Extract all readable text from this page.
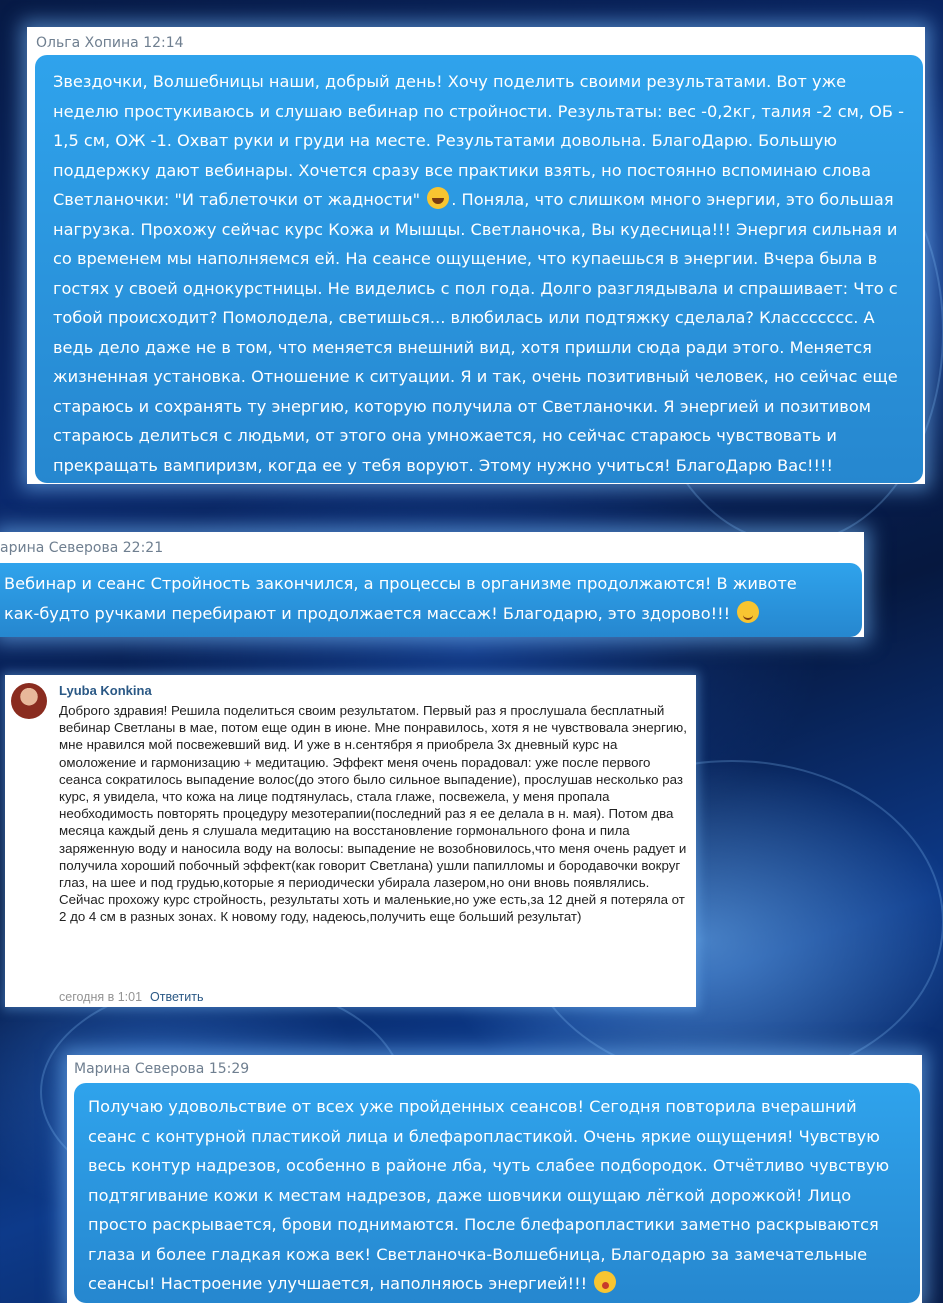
Ольга Хопина 12:14
Звездочки, Волшебницы наши, добрый день! Хочу поделить своими результатами. Вот уже неделю простукиваюсь и слушаю вебинар по стройности. Результаты: вес -0,2кг, талия -2 см, ОБ - 1,5 см, ОЖ -1. Охват руки и груди на месте. Результатами довольна. БлагоДарю. Большую поддержку дают вебинары. Хочется сразу все практики взять, но постоянно вспоминаю слова Светланочки: "И таблеточки от жадности" . Поняла, что слишком много энергии, это большая нагрузка. Прохожу сейчас курс Кожа и Мышцы. Светланочка, Вы кудесница!!! Энергия сильная и со временем мы наполняемся ей. На сеансе ощущение, что купаешься в энергии. Вчера была в гостях у своей однокурстницы. Не виделись с пол года. Долго разглядывала и спрашивает: Что с тобой происходит? Помолодела, светишься... влюбилась или подтяжку сделала? Классссссс. А ведь дело даже не в том, что меняется внешний вид, хотя пришли сюда ради этого. Меняется жизненная установка. Отношение к ситуации. Я и так, очень позитивный человек, но сейчас еще стараюсь и сохранять ту энергию, которую получила от Светланочки. Я энергией и позитивом стараюсь делиться с людьми, от этого она умножается, но сейчас стараюсь чувствовать и прекращать вампиризм, когда ее у тебя воруют. Этому нужно учиться! БлагоДарю Вас!!!!
арина Северова 22:21
Вебинар и сеанс Стройность закончился, а процессы в организме продолжаются! В животе как-будто ручками перебирают и продолжается массаж! Благодарю, это здорово!!!
Lyuba Konkina
Доброго здравия! Решила поделиться своим результатом. Первый раз я прослушала бесплатный вебинар Светланы в мае, потом еще один в июне. Мне понравилось, хотя я не чувствовала энергию, мне нравился мой посвежевший вид. И уже в н.сентября я приобрела 3х дневный курс на омоложение и гармонизацию + медитацию. Эффект меня очень порадовал: уже после первого сеанса сократилось выпадение волос(до этого было сильное выпадение), прослушав несколько раз курс, я увидела, что кожа на лице подтянулась, стала глаже, посвежела, у меня пропала необходимость повторять процедуру мезотерапии(последний раз я ее делала в н. мая). Потом два месяца каждый день я слушала медитацию на восстановление гормонального фона и пила заряженную воду и наносила воду на волосы: выпадение не возобновилось,что меня очень радует и получила хороший побочный эффект(как говорит Светлана) ушли папилломы и бородавочки вокруг глаз, на шее и под грудью,которые я периодически убирала лазером,но они вновь появлялись. Сейчас прохожу курс стройность, результаты хоть и маленькие,но уже есть,за 12 дней я потеряла от 2 до 4 см в разных зонах. К новому году, надеюсь,получить еще больший результат)
сегодня в 1:01 Ответить
Марина Северова 15:29
Получаю удовольствие от всех уже пройденных сеансов! Сегодня повторила вчерашний сеанс с контурной пластикой лица и блефаропластикой. Очень яркие ощущения! Чувствую весь контур надрезов, особенно в районе лба, чуть слабее подбородок. Отчётливо чувствую подтягивание кожи к местам надрезов, даже шовчики ощущаю лёгкой дорожкой! Лицо просто раскрывается, брови поднимаются. После блефаропластики заметно раскрываются глаза и более гладкая кожа век! Светланочка-Волшебница, Благодарю за замечательные сеансы! Настроение улучшается, наполняюсь энергией!!!
